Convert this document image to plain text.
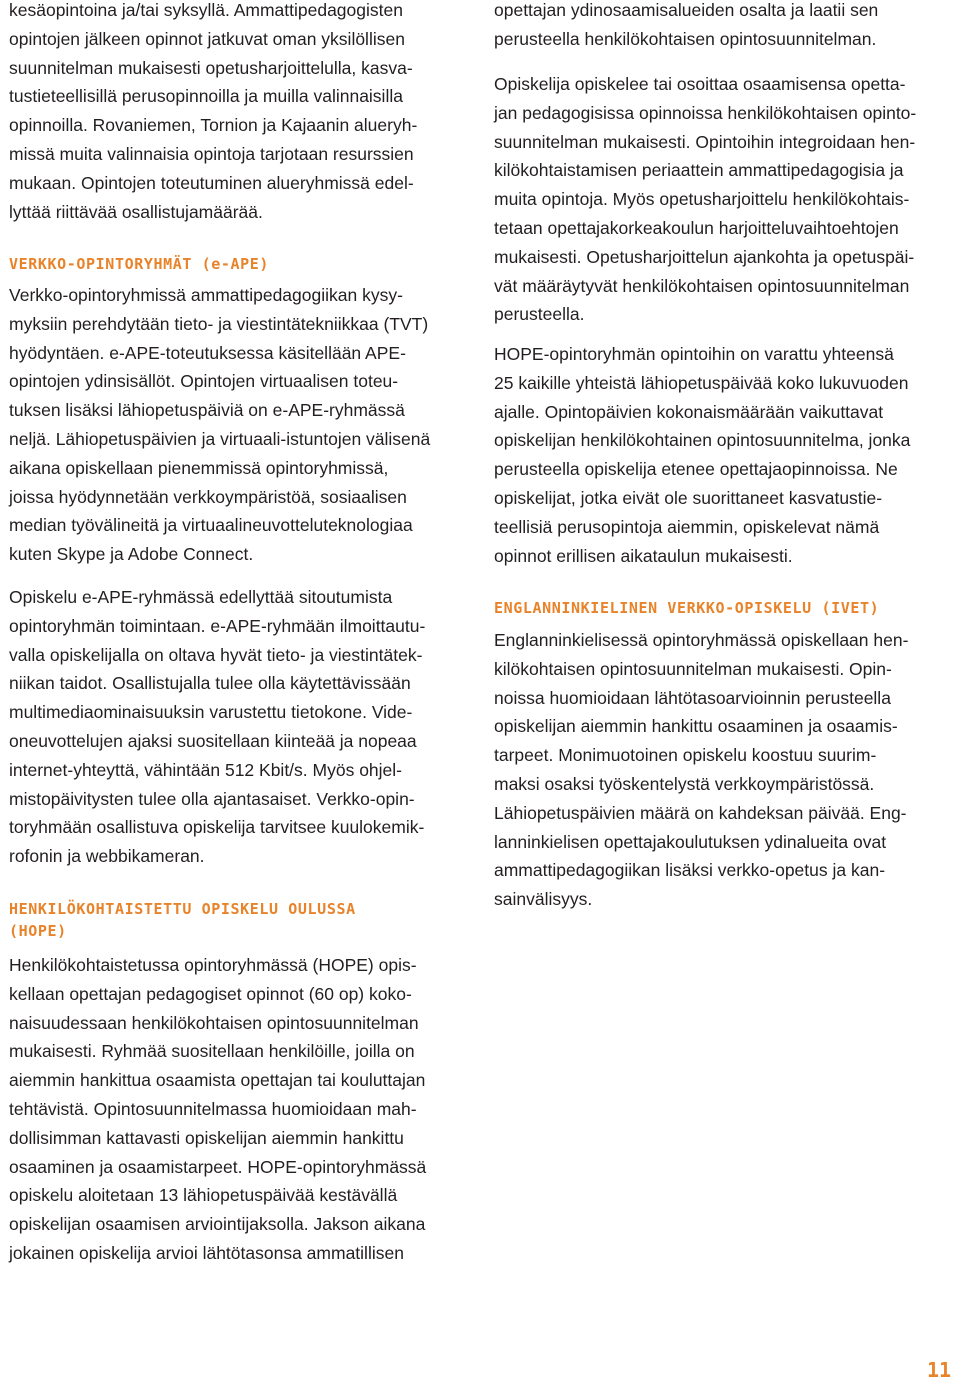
kesäopintoina ja/tai syksyllä. Ammattipedagogisten
opintojen jälkeen opinnot jatkuvat oman yksilöllisen
suunnitelman mukaisesti opetusharjoittelulla, kasva-
tustieteellisillä perusopinnoilla ja muilla valinnaisilla
opinnoilla. Rovaniemen, Tornion ja Kajaanin alueryh-
missä muita valinnaisia opintoja tarjotaan resurssien
mukaan. Opintojen toteutuminen alueryhmissä edel-
lyttää riittävää osallistujamäärää.
VERKKO-OPINTORYHMÄT (e-APE)
Verkko-opintoryhmissä ammattipedagogiikan kysy-
myksiin perehdytään tieto- ja viestintätekniikkaa (TVT)
hyödyntäen. e-APE-toteutuksessa käsitellään APE-
opintojen ydinsisällöt. Opintojen virtuaalisen toteu-
tuksen lisäksi lähiopetuspäiviä on e-APE-ryhmässä
neljä. Lähiopetuspäivien ja virtuaali-istuntojen välisenä
aikana opiskellaan pienemmissä opintoryhmissä,
joissa hyödynnetään verkkoympäristöä, sosiaalisen
median työvälineitä ja virtuaalineuvotteluteknologiaa
kuten Skype ja Adobe Connect.
Opiskelu e-APE-ryhmässä edellyttää sitoutumista
opintoryhmän toimintaan. e-APE-ryhmään ilmoittautu-
valla opiskelijalla on oltava hyvät tieto- ja viestintätek-
niikan taidot. Osallistujalla tulee olla käytettävissään
multimediaominaisuuksin varustettu tietokone. Vide-
oneuvottelujen ajaksi suositellaan kiinteää ja nopeaa
internet-yhteyttä, vähintään 512 Kbit/s. Myös ohjel-
mistopäivitysten tulee olla ajantasaiset. Verkko-opin-
toryhmään osallistuva opiskelija tarvitsee kuulokemik-
rofonin ja webbikameran.
HENKILÖKOHTAISTETTU OPISKELU OULUSSA
(HOPE)
Henkilökohtaistetussa opintoryhmässä (HOPE) opis-
kellaan opettajan pedagogiset opinnot (60 op) koko-
naisuudessaan henkilökohtaisen opintosuunnitelman
mukaisesti. Ryhmää suositellaan henkilöille, joilla on
aiemmin hankittua osaamista opettajan tai kouluttajan
tehtävistä. Opintosuunnitelmassa huomioidaan mah-
dollisimman kattavasti opiskelijan aiemmin hankittu
osaaminen ja osaamistarpeet. HOPE-opintoryhmässä
opiskelu aloitetaan 13 lähiopetuspäivää kestävällä
opiskelijan osaamisen arviointijaksolla. Jakson aikana
jokainen opiskelija arvioi lähtötasonsa ammatillisen
opettajan ydinosaamisalueiden osalta ja laatii sen
perusteella henkilökohtaisen opintosuunnitelman.
Opiskelija opiskelee tai osoittaa osaamisensa opetta-
jan pedagogisissa opinnoissa henkilökohtaisen opinto-
suunnitelman mukaisesti. Opintoihin integroidaan hen-
kilökohtaistamisen periaattein ammattipedagogisia ja
muita opintoja. Myös opetusharjoittelu henkilökohtais-
tetaan opettajakorkeakoulun harjoitteluvaihtoehtojen
mukaisesti. Opetusharjoittelun ajankohta ja opetuspäi-
vät määräytyvät henkilökohtaisen opintosuunnitelman
perusteella.
HOPE-opintoryhmän opintoihin on varattu yhteensä
25 kaikille yhteistä lähiopetuspäivää koko lukuvuoden
ajalle. Opintopäivien kokonaismäärään vaikuttavat
opiskelijan henkilökohtainen opintosuunnitelma, jonka
perusteella opiskelija etenee opettajaopinnoissa. Ne
opiskelijat, jotka eivät ole suorittaneet kasvatustie-
teellisiä perusopintoja aiemmin, opiskelevat nämä
opinnot erillisen aikataulun mukaisesti.
ENGLANNINKIELINEN VERKKO-OPISKELU (IVET)
Englanninkielisessä opintoryhmässä opiskellaan hen-
kilökohtaisen opintosuunnitelman mukaisesti. Opin-
noissa huomioidaan lähtötasoarvioinnin perusteella
opiskelijan aiemmin hankittu osaaminen ja osaamis-
tarpeet. Monimuotoinen opiskelu koostuu suurim-
maksi osaksi työskentelystä verkkoympäristössä.
Lähiopetuspäivien määrä on kahdeksan päivää. Eng-
lanninkielisen opettajakoulutuksen ydinalueita ovat
ammattipedagogiikan lisäksi verkko-opetus ja kan-
sainvälisyys.
11
